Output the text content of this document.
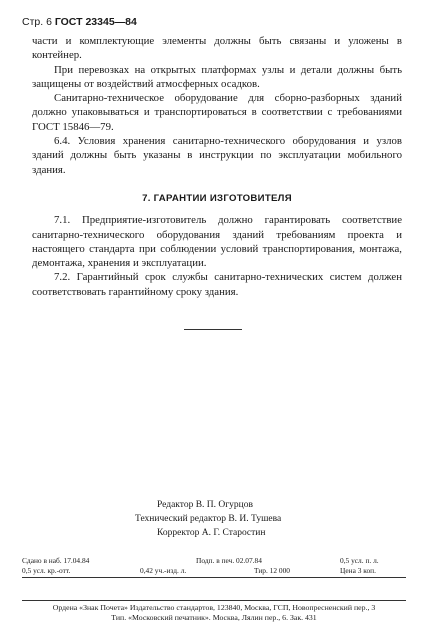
Стр. 6 ГОСТ 23345—84

части и комплектующие элементы должны быть связаны и уложены в контейнер.

При перевозках на открытых платформах узлы и детали должны быть защищены от воздействий атмосферных осадков.

Санитарно-техническое оборудование для сборно-разборных зданий должно упаковываться и транспортироваться в соответствии с требованиями ГОСТ 15846—79.

6.4. Условия хранения санитарно-технического оборудования и узлов зданий должны быть указаны в инструкции по эксплуатации мобильного здания.

7. ГАРАНТИИ ИЗГОТОВИТЕЛЯ

7.1. Предприятие-изготовитель должно гарантировать соответствие санитарно-технического оборудования зданий требованиям проекта и настоящего стандарта при соблюдении условий транспортирования, монтажа, демонтажа, хранения и эксплуатации.

7.2. Гарантийный срок службы санитарно-технических систем должен соответствовать гарантийному сроку здания.

Редактор В. П. Огурцов
Технический редактор В. И. Тушева
Корректор А. Г. Старостин
Сдано в наб. 17.04.84	Подп. в печ. 02.07.84	0,5 усл. п. л.
0,5 усл. кр.-отт.	0,42 уч.-изд. л.	Тир. 12 000	Цена 3 коп.
Ордена «Знак Почета» Издательство стандартов, 123840, Москва, ГСП, Новопресненский пер., 3
Тип. «Московский печатник». Москва, Лялин пер., 6. Зак. 431
